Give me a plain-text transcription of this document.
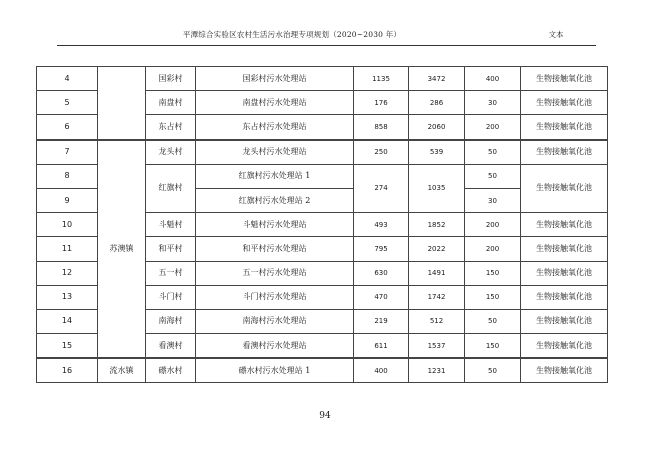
平潭综合实验区农村生活污水治理专项规划（2020~2030 年）	文本
4		国彩村	国彩村污水处理站	1135	3472	400	生物接触氧化池
5		南盘村	南盘村污水处理站	176	286	30	生物接触氧化池
6		东占村	东占村污水处理站	858	2060	200	生物接触氧化池
7	苏澳镇	龙头村	龙头村污水处理站	250	539	50	生物接触氧化池
8		红旗村	红旗村污水处理站 1	274	1035	50	生物接触氧化池
9			红旗村污水处理站 2			30	
10		斗魁村	斗魁村污水处理站	493	1852	200	生物接触氧化池
11		和平村	和平村污水处理站	795	2022	200	生物接触氧化池
12		五一村	五一村污水处理站	630	1491	150	生物接触氧化池
13		斗门村	斗门村污水处理站	470	1742	150	生物接触氧化池
14		南海村	南海村污水处理站	219	512	50	生物接触氧化池
15		看澳村	看澳村污水处理站	611	1537	150	生物接触氧化池
16	流水镇	礤水村	礤水村污水处理站 1	400	1231	50	生物接触氧化池
94
